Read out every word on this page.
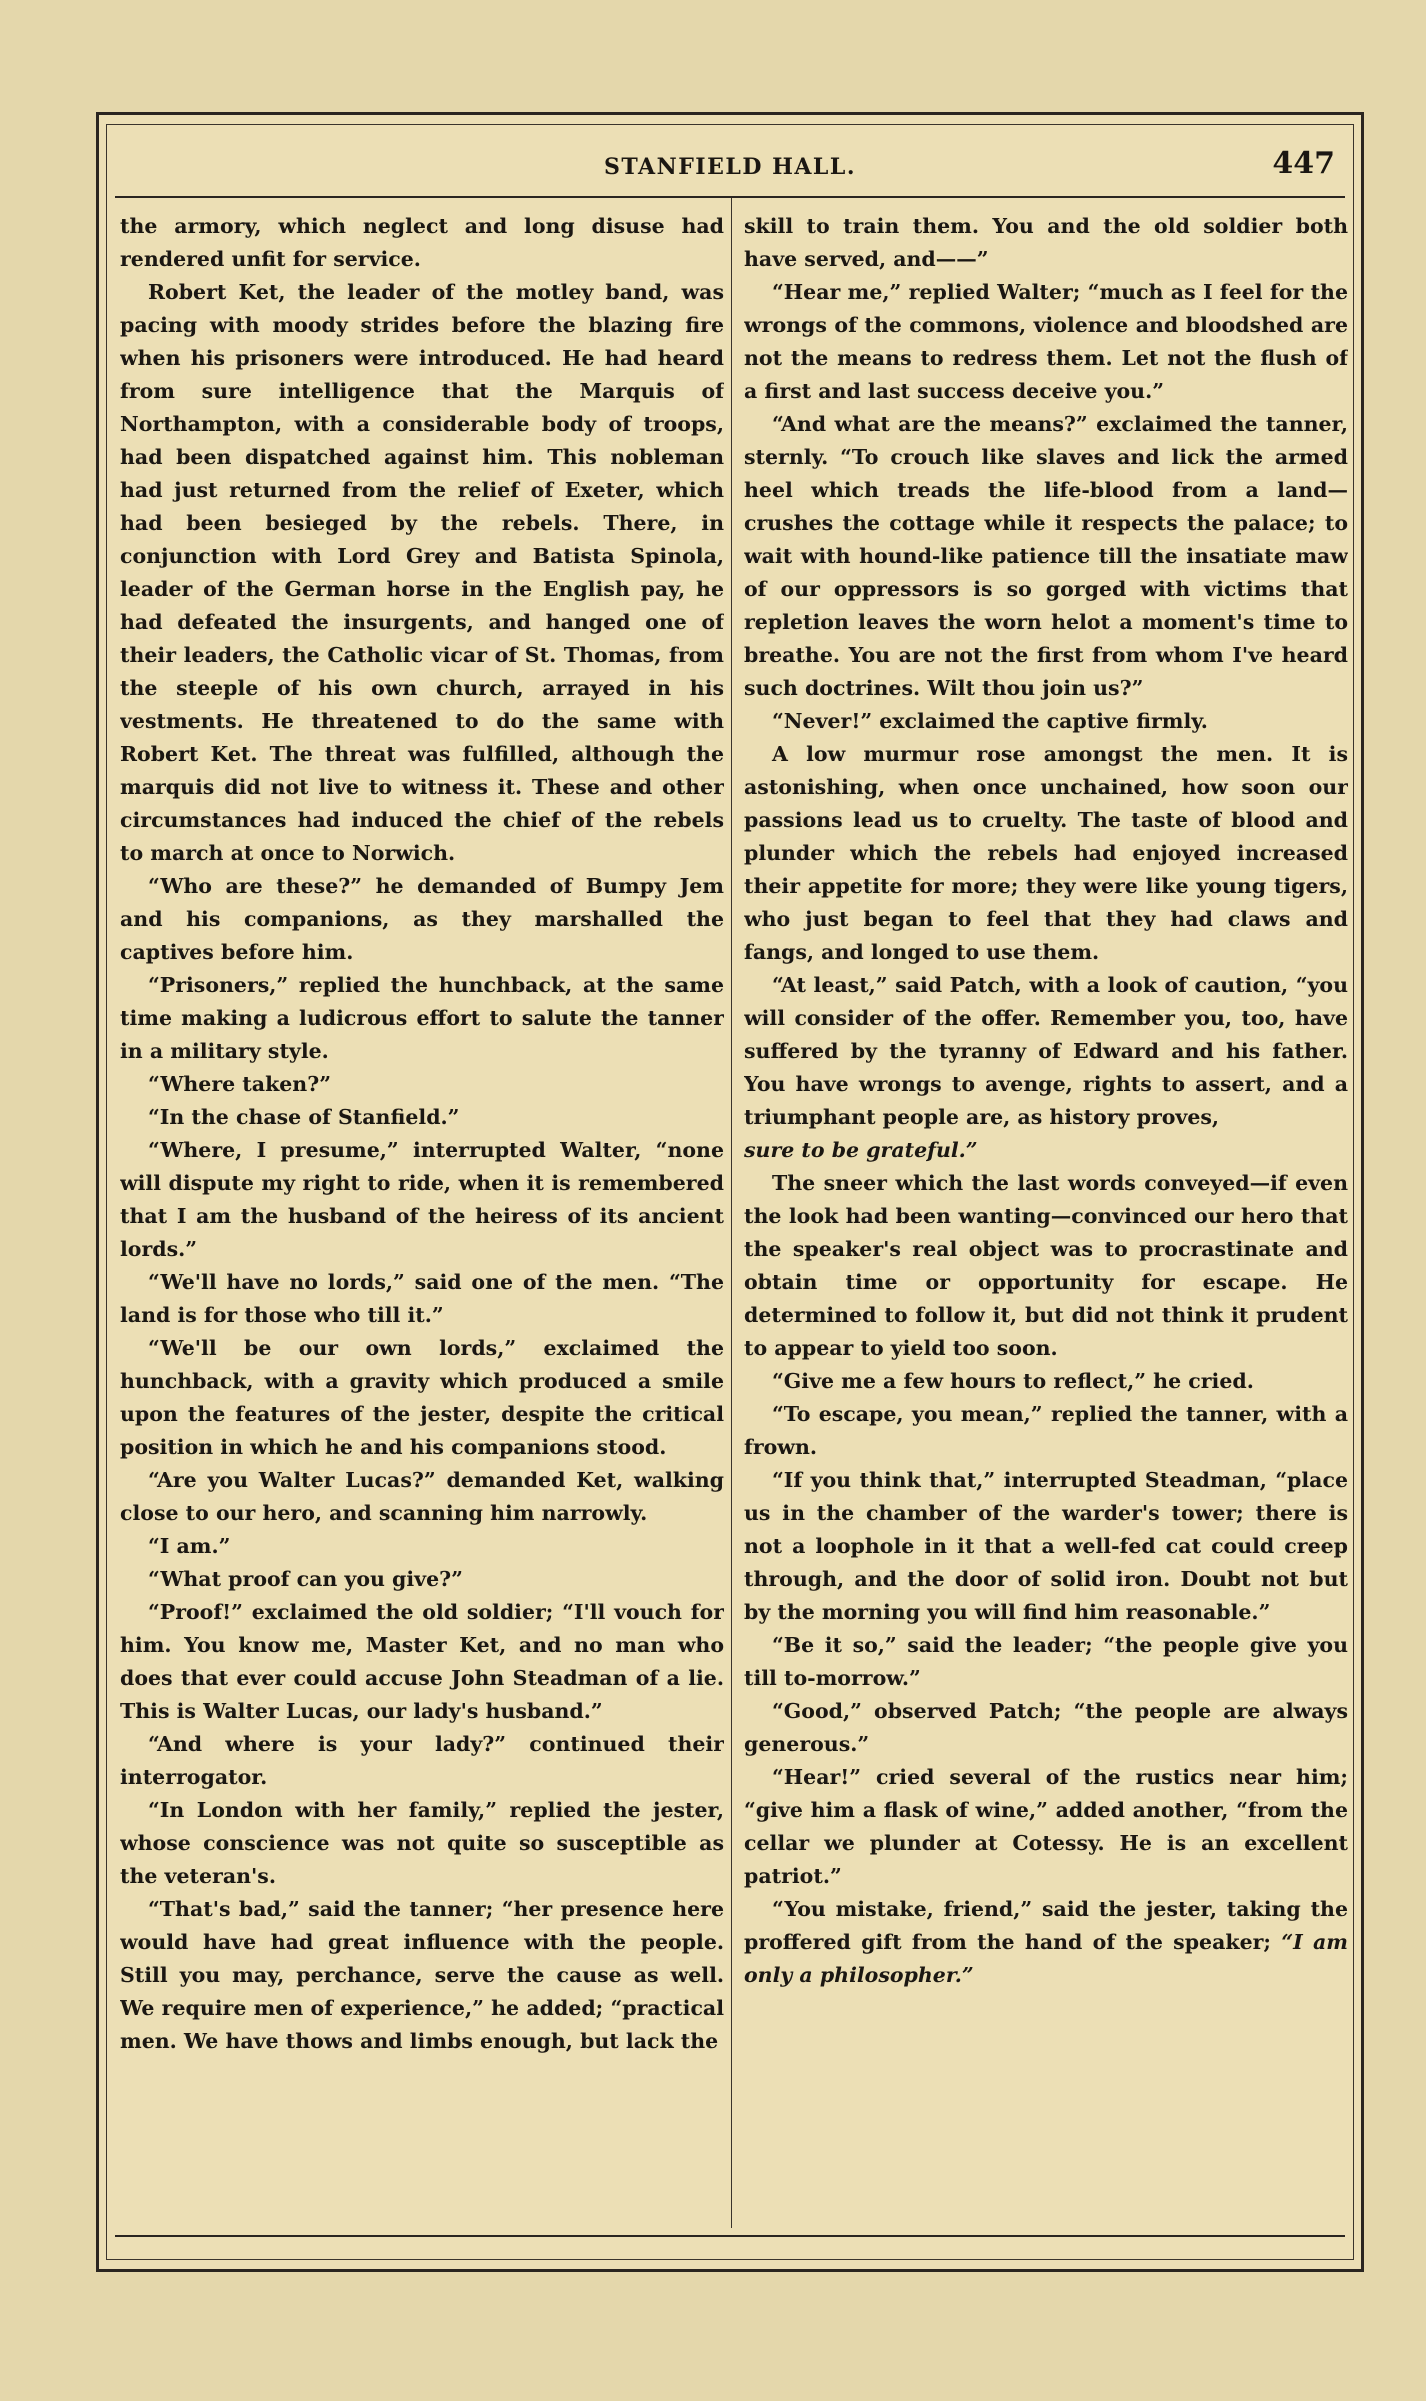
STANFIELD HALL.	447

the armory, which neglect and long disuse had rendered unfit for service.

Robert Ket, the leader of the motley band, was pacing with moody strides before the blazing fire when his prisoners were introduced. He had heard from sure intelligence that the Marquis of Northampton, with a considerable body of troops, had been dispatched against him. This nobleman had just returned from the relief of Exeter, which had been besieged by the rebels. There, in conjunction with Lord Grey and Batista Spinola, leader of the German horse in the English pay, he had defeated the insurgents, and hanged one of their leaders, the Catholic vicar of St. Thomas, from the steeple of his own church, arrayed in his vestments. He threatened to do the same with Robert Ket. The threat was fulfilled, although the marquis did not live to witness it. These and other circumstances had induced the chief of the rebels to march at once to Norwich.

“Who are these?” he demanded of Bumpy Jem and his companions, as they marshalled the captives before him.

“Prisoners,” replied the hunchback, at the same time making a ludicrous effort to salute the tanner in a military style.

“Where taken?”

“In the chase of Stanfield.”

“Where, I presume,” interrupted Walter, “none will dispute my right to ride, when it is remembered that I am the husband of the heiress of its ancient lords.”

“We'll have no lords,” said one of the men. “The land is for those who till it.”

“We'll be our own lords,” exclaimed the hunchback, with a gravity which produced a smile upon the features of the jester, despite the critical position in which he and his companions stood.

“Are you Walter Lucas?” demanded Ket, walking close to our hero, and scanning him narrowly.

“I am.”

“What proof can you give?”

“Proof!” exclaimed the old soldier; “I'll vouch for him. You know me, Master Ket, and no man who does that ever could accuse John Steadman of a lie. This is Walter Lucas, our lady's husband.”

“And where is your lady?” continued their interrogator.

“In London with her family,” replied the jester, whose conscience was not quite so susceptible as the veteran's.

“That's bad,” said the tanner; “her presence here would have had great influence with the people. Still you may, perchance, serve the cause as well. We require men of experience,” he added; “practical men. We have thows and limbs enough, but lack the

skill to train them. You and the old soldier both have served, and——”

“Hear me,” replied Walter; “much as I feel for the wrongs of the commons, violence and bloodshed are not the means to redress them. Let not the flush of a first and last success deceive you.”

“And what are the means?” exclaimed the tanner, sternly. “To crouch like slaves and lick the armed heel which treads the life-blood from a land—crushes the cottage while it respects the palace; to wait with hound-like patience till the insatiate maw of our oppressors is so gorged with victims that repletion leaves the worn helot a moment's time to breathe. You are not the first from whom I've heard such doctrines. Wilt thou join us?”

“Never!” exclaimed the captive firmly.

A low murmur rose amongst the men. It is astonishing, when once unchained, how soon our passions lead us to cruelty. The taste of blood and plunder which the rebels had enjoyed increased their appetite for more; they were like young tigers, who just began to feel that they had claws and fangs, and longed to use them.

“At least,” said Patch, with a look of caution, “you will consider of the offer. Remember you, too, have suffered by the tyranny of Edward and his father. You have wrongs to avenge, rights to assert, and a triumphant people are, as history proves,

sure to be grateful.”

The sneer which the last words conveyed—if even the look had been wanting—convinced our hero that the speaker's real object was to procrastinate and obtain time or opportunity for escape. He determined to follow it, but did not think it prudent to appear to yield too soon.

“Give me a few hours to reflect,” he cried.

“To escape, you mean,” replied the tanner, with a frown.

“If you think that,” interrupted Steadman, “place us in the chamber of the warder's tower; there is not a loophole in it that a well-fed cat could creep through, and the door of solid iron. Doubt not but by the morning you will find him reasonable.”

“Be it so,” said the leader; “the people give you till to-morrow.”

“Good,” observed Patch; “the people are always generous.”

“Hear!” cried several of the rustics near him; “give him a flask of wine,” added another, “from the cellar we plunder at Cotessy. He is an excellent patriot.”

“You mistake, friend,” said the jester, taking the proffered gift from the hand of the speaker; “I am only a philosopher.”
